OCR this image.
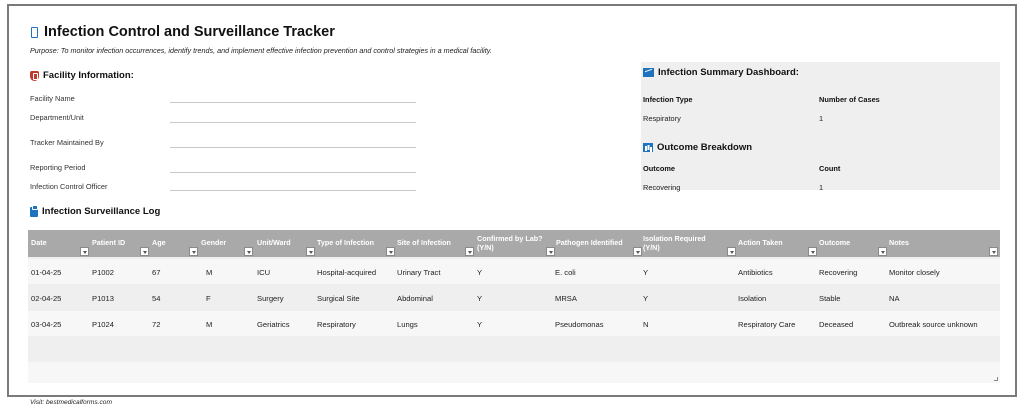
Infection Control and Surveillance Tracker
Purpose: To monitor infection occurrences, identify trends, and implement effective infection prevention and control strategies in a medical facility.
Facility Information:
Facility Name
Department/Unit
Tracker Maintained By
Reporting Period
Infection Control Officer
Infection Summary Dashboard:
Infection Type	Number of Cases
Respiratory	1
Outcome Breakdown
Outcome	Count
Recovering	1
Infection Surveillance Log
Date	Patient ID	Age	Gender	Unit/Ward	Type of Infection	Site of Infection	Confirmed by Lab? (Y/N)	Pathogen Identified	Isolation Required (Y/N)	Action Taken	Outcome	Notes
01-04-25	P1002	67	M	ICU	Hospital-acquired	Urinary Tract	Y	E. coli	Y	Antibiotics	Recovering	Monitor closely
02-04-25	P1013	54	F	Surgery	Surgical Site	Abdominal	Y	MRSA	Y	Isolation	Stable	NA
03-04-25	P1024	72	M	Geriatrics	Respiratory	Lungs	Y	Pseudomonas	N	Respiratory Care	Deceased	Outbreak source unknown
Visit: bestmedicalforms.com
